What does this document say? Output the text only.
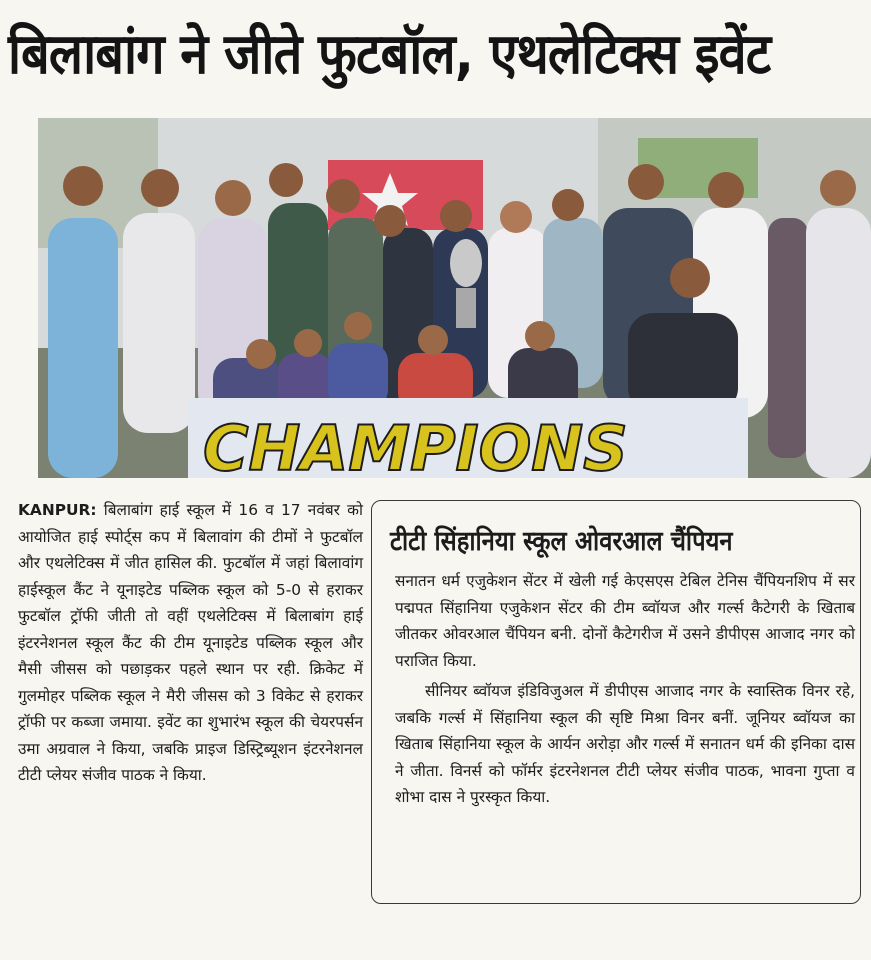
बिलाबांग ने जीते फुटबॉल, एथलेटिक्स इवेंट
CHAMPIONS
KANPUR: बिलाबांग हाई स्कूल में 16 व 17 नवंबर को आयोजित हाई स्पोर्ट्स कप में बिलावांग की टीमों ने फुटबॉल और एथलेटिक्स में जीत हासिल की. फुटबॉल में जहां बिलावांग हाईस्कूल कैंट ने यूनाइटेड पब्लिक स्कूल को 5-0 से हराकर फुटबॉल ट्रॉफी जीती तो वहीं एथलेटिक्स में बिलाबांग हाई इंटरनेशनल स्कूल कैंट की टीम यूनाइटेड पब्लिक स्कूल और मैसी जीसस को पछाड़कर पहले स्थान पर रही. क्रिकेट में गुलमोहर पब्लिक स्कूल ने मैरी जीसस को 3 विकेट से हराकर ट्रॉफी पर कब्जा जमाया. इवेंट का शुभारंभ स्कूल की चेयरपर्सन उमा अग्रवाल ने किया, जबकि प्राइज डिस्ट्रिब्यूशन इंटरनेशनल टीटी प्लेयर संजीव पाठक ने किया.
टीटी सिंहानिया स्कूल ओवरआल चैंपियन

सनातन धर्म एजुकेशन सेंटर में खेली गई केएसएस टेबिल टेनिस चैंपियनशिप में सर पद्मपत सिंहानिया एजुकेशन सेंटर की टीम ब्वॉयज और गर्ल्स कैटेगरी के खिताब जीतकर ओवरआल चैंपियन बनी. दोनों कैटेगरीज में उसने डीपीएस आजाद नगर को पराजित किया.

सीनियर ब्वॉयज इंडिविजुअल में डीपीएस आजाद नगर के स्वास्तिक विनर रहे, जबकि गर्ल्स में सिंहानिया स्कूल की सृष्टि मिश्रा विनर बनीं. जूनियर ब्वॉयज का खिताब सिंहानिया स्कूल के आर्यन अरोड़ा और गर्ल्स में सनातन धर्म की इनिका दास ने जीता. विनर्स को फॉर्मर इंटरनेशनल टीटी प्लेयर संजीव पाठक, भावना गुप्ता व शोभा दास ने पुरस्कृत किया.
